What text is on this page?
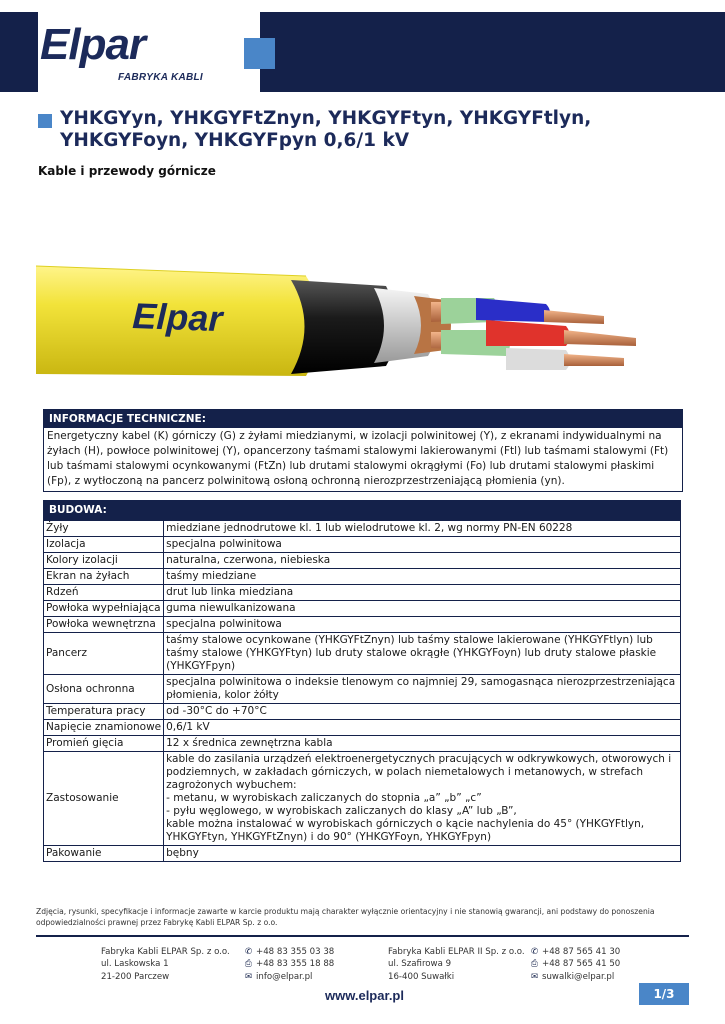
Elpar
FABRYKA KABLI
YHKGYyn, YHKGYFtZnyn, YHKGYFtyn, YHKGYFtlyn, YHKGYFoyn, YHKGYFpyn 0,6/1 kV
Kable i przewody górnicze
Elpar
INFORMACJE TECHNICZNE:
Energetyczny kabel (K) górniczy (G) z żyłami miedzianymi, w izolacji polwinitowej (Y), z ekranami indywidualnymi na żyłach (H), powłoce polwinitowej (Y), opancerzony taśmami stalowymi lakierowanymi (Ftl) lub taśmami stalowymi (Ft) lub taśmami stalowymi ocynkowanymi (FtZn) lub drutami stalowymi okrągłymi (Fo) lub drutami stalowymi płaskimi (Fp), z wytłoczoną na pancerz polwinitową osłoną ochronną nierozprzestrzeniającą płomienia (yn).
BUDOWA:
Żyły	miedziane jednodrutowe kl. 1 lub wielodrutowe kl. 2, wg normy PN-EN 60228
Izolacja	specjalna polwinitowa
Kolory izolacji	naturalna, czerwona, niebieska
Ekran na żyłach	taśmy miedziane
Rdzeń	drut lub linka miedziana
Powłoka wypełniająca	guma niewulkanizowana
Powłoka wewnętrzna	specjalna polwinitowa
Pancerz	taśmy stalowe ocynkowane (YHKGYFtZnyn) lub taśmy stalowe lakierowane (YHKGYFtlyn) lub taśmy stalowe (YHKGYFtyn) lub druty stalowe okrągłe (YHKGYFoyn) lub druty stalowe płaskie (YHKGYFpyn)
Osłona ochronna	specjalna polwinitowa o indeksie tlenowym co najmniej 29, samogasnąca nierozprzestrzeniająca płomienia, kolor żółty
Temperatura pracy	od -30°C do +70°C
Napięcie znamionowe	0,6/1 kV
Promień gięcia	12 x średnica zewnętrzna kabla
Zastosowanie	kable do zasilania urządzeń elektroenergetycznych pracujących w odkrywkowych, otworowych i podziemnych, w zakładach górniczych, w polach niemetalowych i metanowych, w strefach zagrożonych wybuchem:
- metanu, w wyrobiskach zaliczanych do stopnia „a” „b” „c”
- pyłu węglowego, w wyrobiskach zaliczanych do klasy „A” lub „B”,
kable można instalować w wyrobiskach górniczych o kącie nachylenia do 45° (YHKGYFtlyn, YHKGYFtyn, YHKGYFtZnyn) i do 90° (YHKGYFoyn, YHKGYFpyn)
Pakowanie	bębny
Zdjęcia, rysunki, specyfikacje i informacje zawarte w karcie produktu mają charakter wyłącznie orientacyjny i nie stanowią gwarancji, ani podstawy do ponoszenia odpowiedzialności prawnej przez Fabrykę Kabli ELPAR Sp. z o.o.
Fabryka Kabli ELPAR Sp. z o.o.
ul. Laskowska 1
21-200 Parczew
✆ +48 83 355 03 38
⎙ +48 83 355 18 88
✉ info@elpar.pl
Fabryka Kabli ELPAR II Sp. z o.o.
ul. Szafirowa 9
16-400 Suwałki
✆ +48 87 565 41 30
⎙ +48 87 565 41 50
✉ suwalki@elpar.pl
www.elpar.pl	1/3
